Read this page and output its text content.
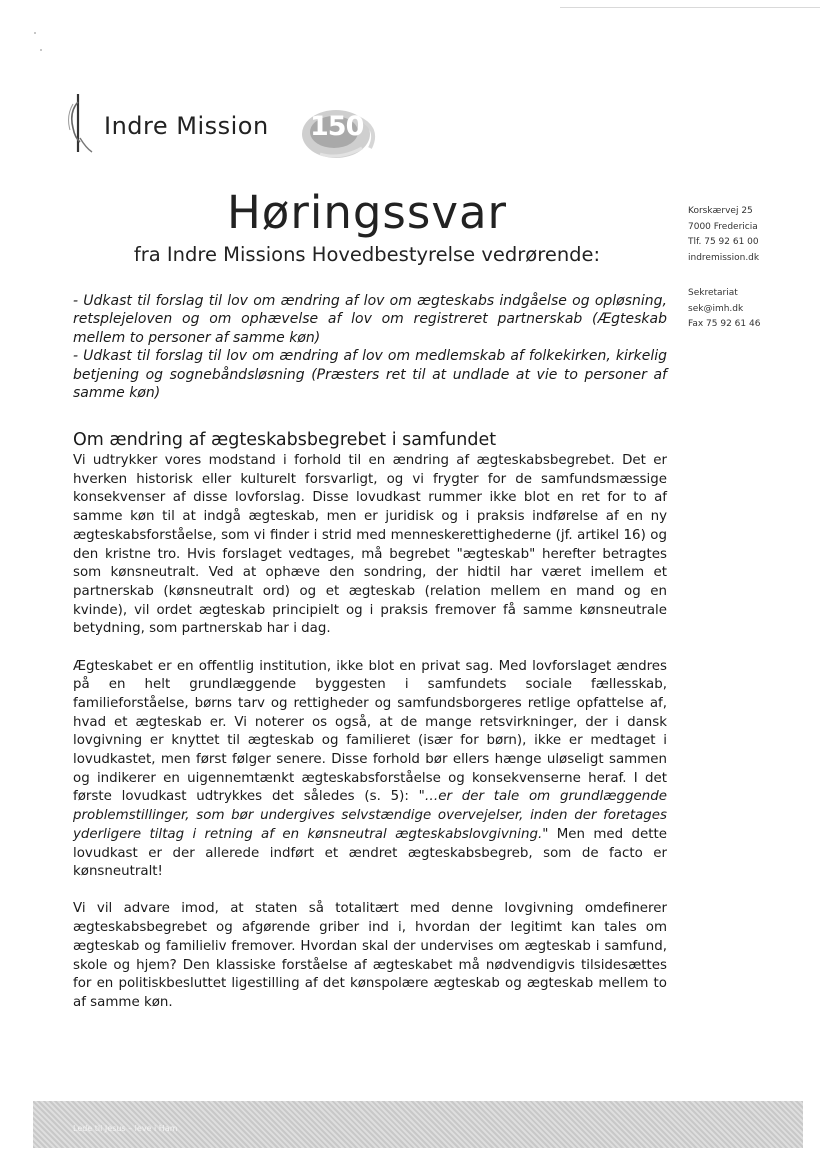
Indre Mission 150
Høringssvar
fra Indre Missions Hovedbestyrelse vedrørende:
Korskærvej 25
7000 Fredericia
Tlf. 75 92 61 00
indremission.dk
Sekretariat
sek@imh.dk
Fax 75 92 61 46

- Udkast til forslag til lov om ændring af lov om ægteskabs indgåelse og opløsning, retsplejeloven og om ophævelse af lov om registreret partnerskab (Ægteskab mellem to personer af samme køn)

- Udkast til forslag til lov om ændring af lov om medlemskab af folkekirken, kirkelig betjening og sognebåndsløsning (Præsters ret til at undlade at vie to personer af samme køn)

Om ændring af ægteskabsbegrebet i samfundet

Vi udtrykker vores modstand i forhold til en ændring af ægteskabsbegrebet. Det er hverken historisk eller kulturelt forsvarligt, og vi frygter for de samfundsmæssige konsekvenser af disse lovforslag. Disse lovudkast rummer ikke blot en ret for to af samme køn til at indgå ægteskab, men er juridisk og i praksis indførelse af en ny ægteskabsforståelse, som vi finder i strid med menneskerettighederne (jf. artikel 16) og den kristne tro. Hvis forslaget vedtages, må begrebet "ægteskab" herefter betragtes som kønsneutralt. Ved at ophæve den sondring, der hidtil har været imellem et partnerskab (kønsneutralt ord) og et ægteskab (relation mellem en mand og en kvinde), vil ordet ægteskab principielt og i praksis fremover få samme kønsneutrale betydning, som partnerskab har i dag.

Ægteskabet er en offentlig institution, ikke blot en privat sag. Med lovforslaget ændres på en helt grundlæggende byggesten i samfundets sociale fællesskab, familieforståelse, børns tarv og rettigheder og samfundsborgeres retlige opfattelse af, hvad et ægteskab er. Vi noterer os også, at de mange retsvirkninger, der i dansk lovgivning er knyttet til ægteskab og familieret (især for børn), ikke er medtaget i lovudkastet, men først følger senere. Disse forhold bør ellers hænge uløseligt sammen og indikerer en uigennemtænkt ægteskabsforståelse og konsekvenserne heraf. I det første lovudkast udtrykkes det således (s. 5): "…er der tale om grundlæggende problemstillinger, som bør undergives selvstændige overvejelser, inden der foretages yderligere tiltag i retning af en kønsneutral ægteskabslovgivning." Men med dette lovudkast er der allerede indført et ændret ægteskabsbegreb, som de facto er kønsneutralt!

Vi vil advare imod, at staten så totalitært med denne lovgivning omdefinerer ægteskabsbegrebet og afgørende griber ind i, hvordan der legitimt kan tales om ægteskab og familieliv fremover. Hvordan skal der undervises om ægteskab i samfund, skole og hjem? Den klassiske forståelse af ægteskabet må nødvendigvis tilsidesættes for en politiskbesluttet ligestilling af det kønspolære ægteskab og ægteskab mellem to af samme køn.

Lede til Jesus – leve i Ham
